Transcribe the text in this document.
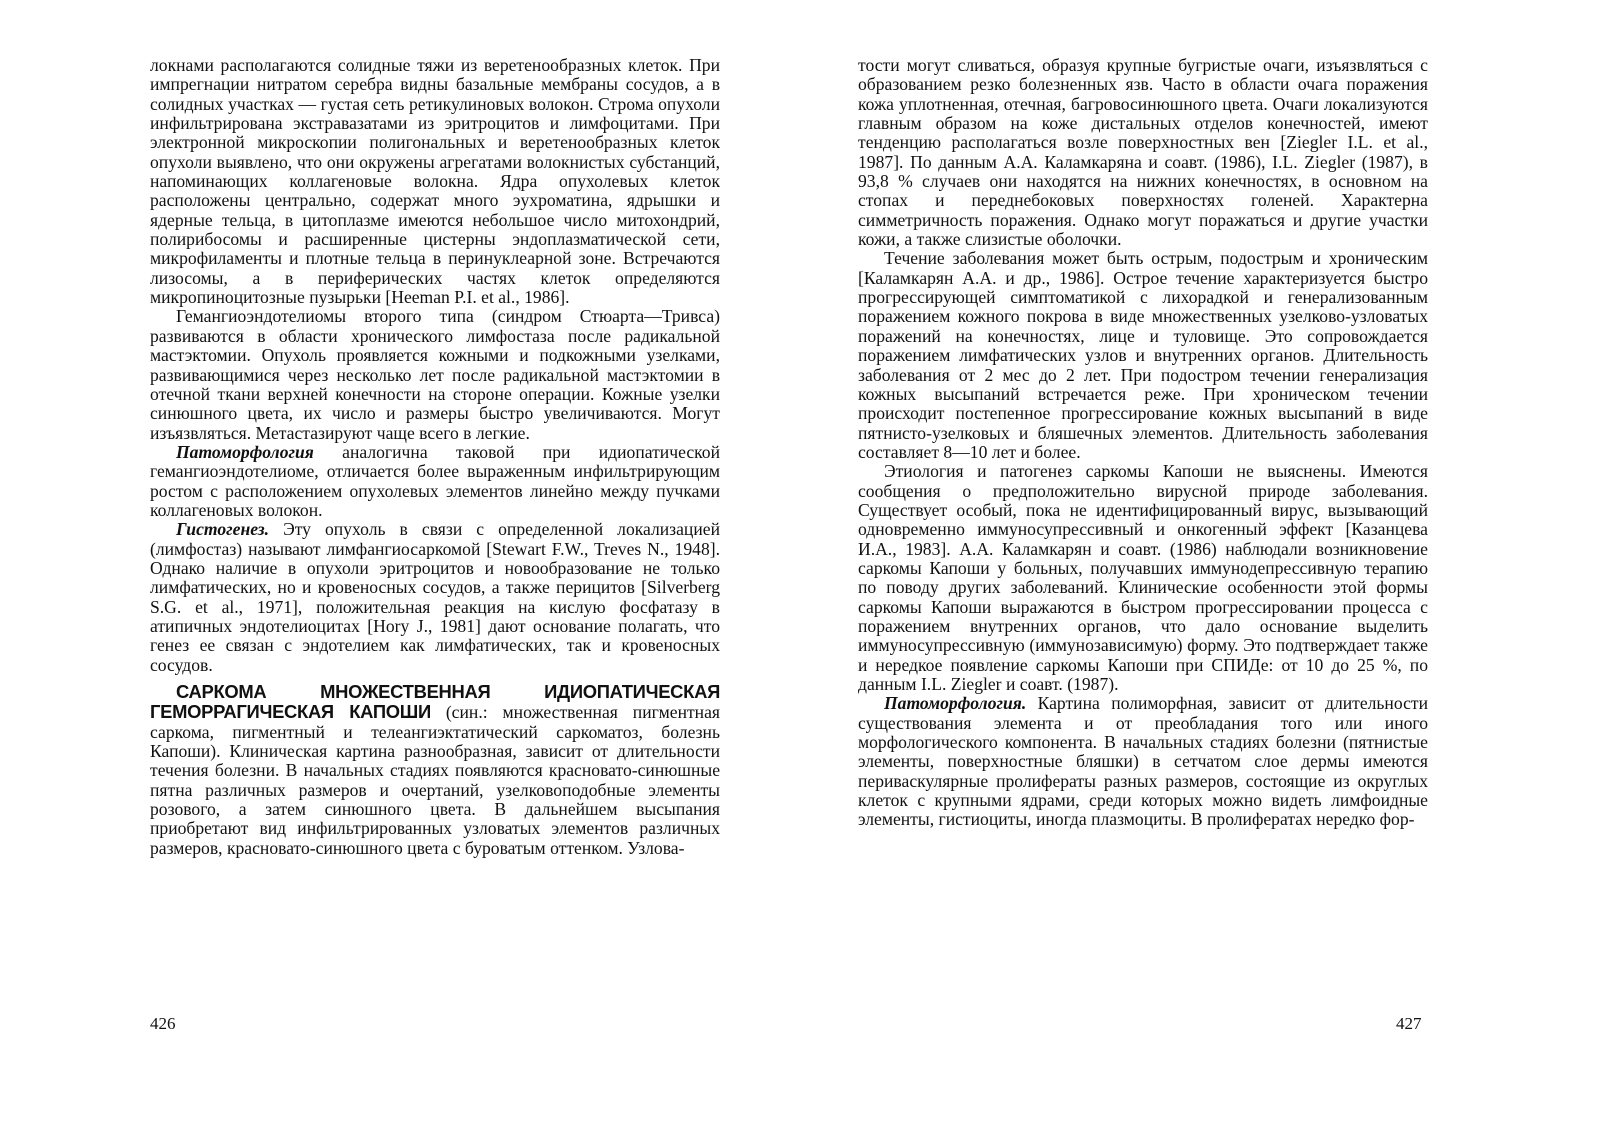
локнами располагаются солидные тяжи из веретенообразных клеток. При импрегнации нитратом серебра видны базальные мембраны сосудов, а в солидных участках — густая сеть ретикулиновых волокон. Строма опухоли инфильтрирована экстравазатами из эритроцитов и лимфоцитами. При электронной микроскопии полигональных и веретенообразных клеток опухоли выявлено, что они окружены агрегатами волокнистых субстанций, напоминающих коллагеновые волокна. Ядра опухолевых клеток расположены центрально, содержат много эухроматина, ядрышки и ядерные тельца, в цитоплазме имеются небольшое число митохондрий, полирибосомы и расширенные цистерны эндоплазматической сети, микрофиламенты и плотные тельца в перинуклеарной зоне. Встречаются лизосомы, а в периферических частях клеток определяются микропиноцитозные пузырьки [Heeman P.I. et al., 1986].

Гемангиоэндотелиомы второго типа (синдром Стюарта—Тривса) развиваются в области хронического лимфостаза после радикальной мастэктомии. Опухоль проявляется кожными и подкожными узелками, развивающимися через несколько лет после радикальной мастэктомии в отечной ткани верхней конечности на стороне операции. Кожные узелки синюшного цвета, их число и размеры быстро увеличиваются. Могут изъязвляться. Метастазируют чаще всего в легкие.

Патоморфология аналогична таковой при идиопатической гемангиоэндотелиоме, отличается более выраженным инфильтрирующим ростом с расположением опухолевых элементов линейно между пучками коллагеновых волокон.

Гистогенез. Эту опухоль в связи с определенной локализацией (лимфостаз) называют лимфангиосаркомой [Stewart F.W., Treves N., 1948]. Однако наличие в опухоли эритроцитов и новообразование не только лимфатических, но и кровеносных сосудов, а также перицитов [Silverberg S.G. et al., 1971], положительная реакция на кислую фосфатазу в атипичных эндотелиоцитах [Hory J., 1981] дают основание полагать, что генез ее связан с эндотелием как лимфатических, так и кровеносных сосудов.

САРКОМА МНОЖЕСТВЕННАЯ ИДИОПАТИЧЕСКАЯ ГЕМОРРАГИЧЕСКАЯ КАПОШИ (син.: множественная пигментная саркома, пигментный и телеангиэктатический саркоматоз, болезнь Капоши). Клиническая картина разнообразная, зависит от длительности течения болезни. В начальных стадиях появляются красновато-синюшные пятна различных размеров и очертаний, узелковоподобные элементы розового, а затем синюшного цвета. В дальнейшем высыпания приобретают вид инфильтрированных узловатых элементов различных размеров, красновато-синюшного цвета с буроватым оттенком. Узлова-

426

тости могут сливаться, образуя крупные бугристые очаги, изъязвляться с образованием резко болезненных язв. Часто в области очага поражения кожа уплотненная, отечная, багровосинюшного цвета. Очаги локализуются главным образом на коже дистальных отделов конечностей, имеют тенденцию располагаться возле поверхностных вен [Ziegler I.L. et al., 1987]. По данным А.А. Каламкаряна и соавт. (1986), I.L. Ziegler (1987), в 93,8 % случаев они находятся на нижних конечностях, в основном на стопах и переднебоковых поверхностях голеней. Характерна симметричность поражения. Однако могут поражаться и другие участки кожи, а также слизистые оболочки.

Течение заболевания может быть острым, подострым и хроническим [Каламкарян А.А. и др., 1986]. Острое течение характеризуется быстро прогрессирующей симптоматикой с лихорадкой и генерализованным поражением кожного покрова в виде множественных узелково-узловатых поражений на конечностях, лице и туловище. Это сопровождается поражением лимфатических узлов и внутренних органов. Длительность заболевания от 2 мес до 2 лет. При подостром течении генерализация кожных высыпаний встречается реже. При хроническом течении происходит постепенное прогрессирование кожных высыпаний в виде пятнисто-узелковых и бляшечных элементов. Длительность заболевания составляет 8—10 лет и более.

Этиология и патогенез саркомы Капоши не выяснены. Имеются сообщения о предположительно вирусной природе заболевания. Существует особый, пока не идентифицированный вирус, вызывающий одновременно иммуносупрессивный и онкогенный эффект [Казанцева И.А., 1983]. А.А. Каламкарян и соавт. (1986) наблюдали возникновение саркомы Капоши у больных, получавших иммунодепрессивную терапию по поводу других заболеваний. Клинические особенности этой формы саркомы Капоши выражаются в быстром прогрессировании процесса с поражением внутренних органов, что дало основание выделить иммуносупрессивную (иммунозависимую) форму. Это подтверждает также и нередкое появление саркомы Капоши при СПИДе: от 10 до 25 %, по данным I.L. Ziegler и соавт. (1987).

Патоморфология. Картина полиморфная, зависит от длительности существования элемента и от преобладания того или иного морфологического компонента. В начальных стадиях болезни (пятнистые элементы, поверхностные бляшки) в сетчатом слое дермы имеются периваскулярные пролифераты разных размеров, состоящие из округлых клеток с крупными ядрами, среди которых можно видеть лимфоидные элементы, гистиоциты, иногда плазмоциты. В пролифератах нередко фор-

427
